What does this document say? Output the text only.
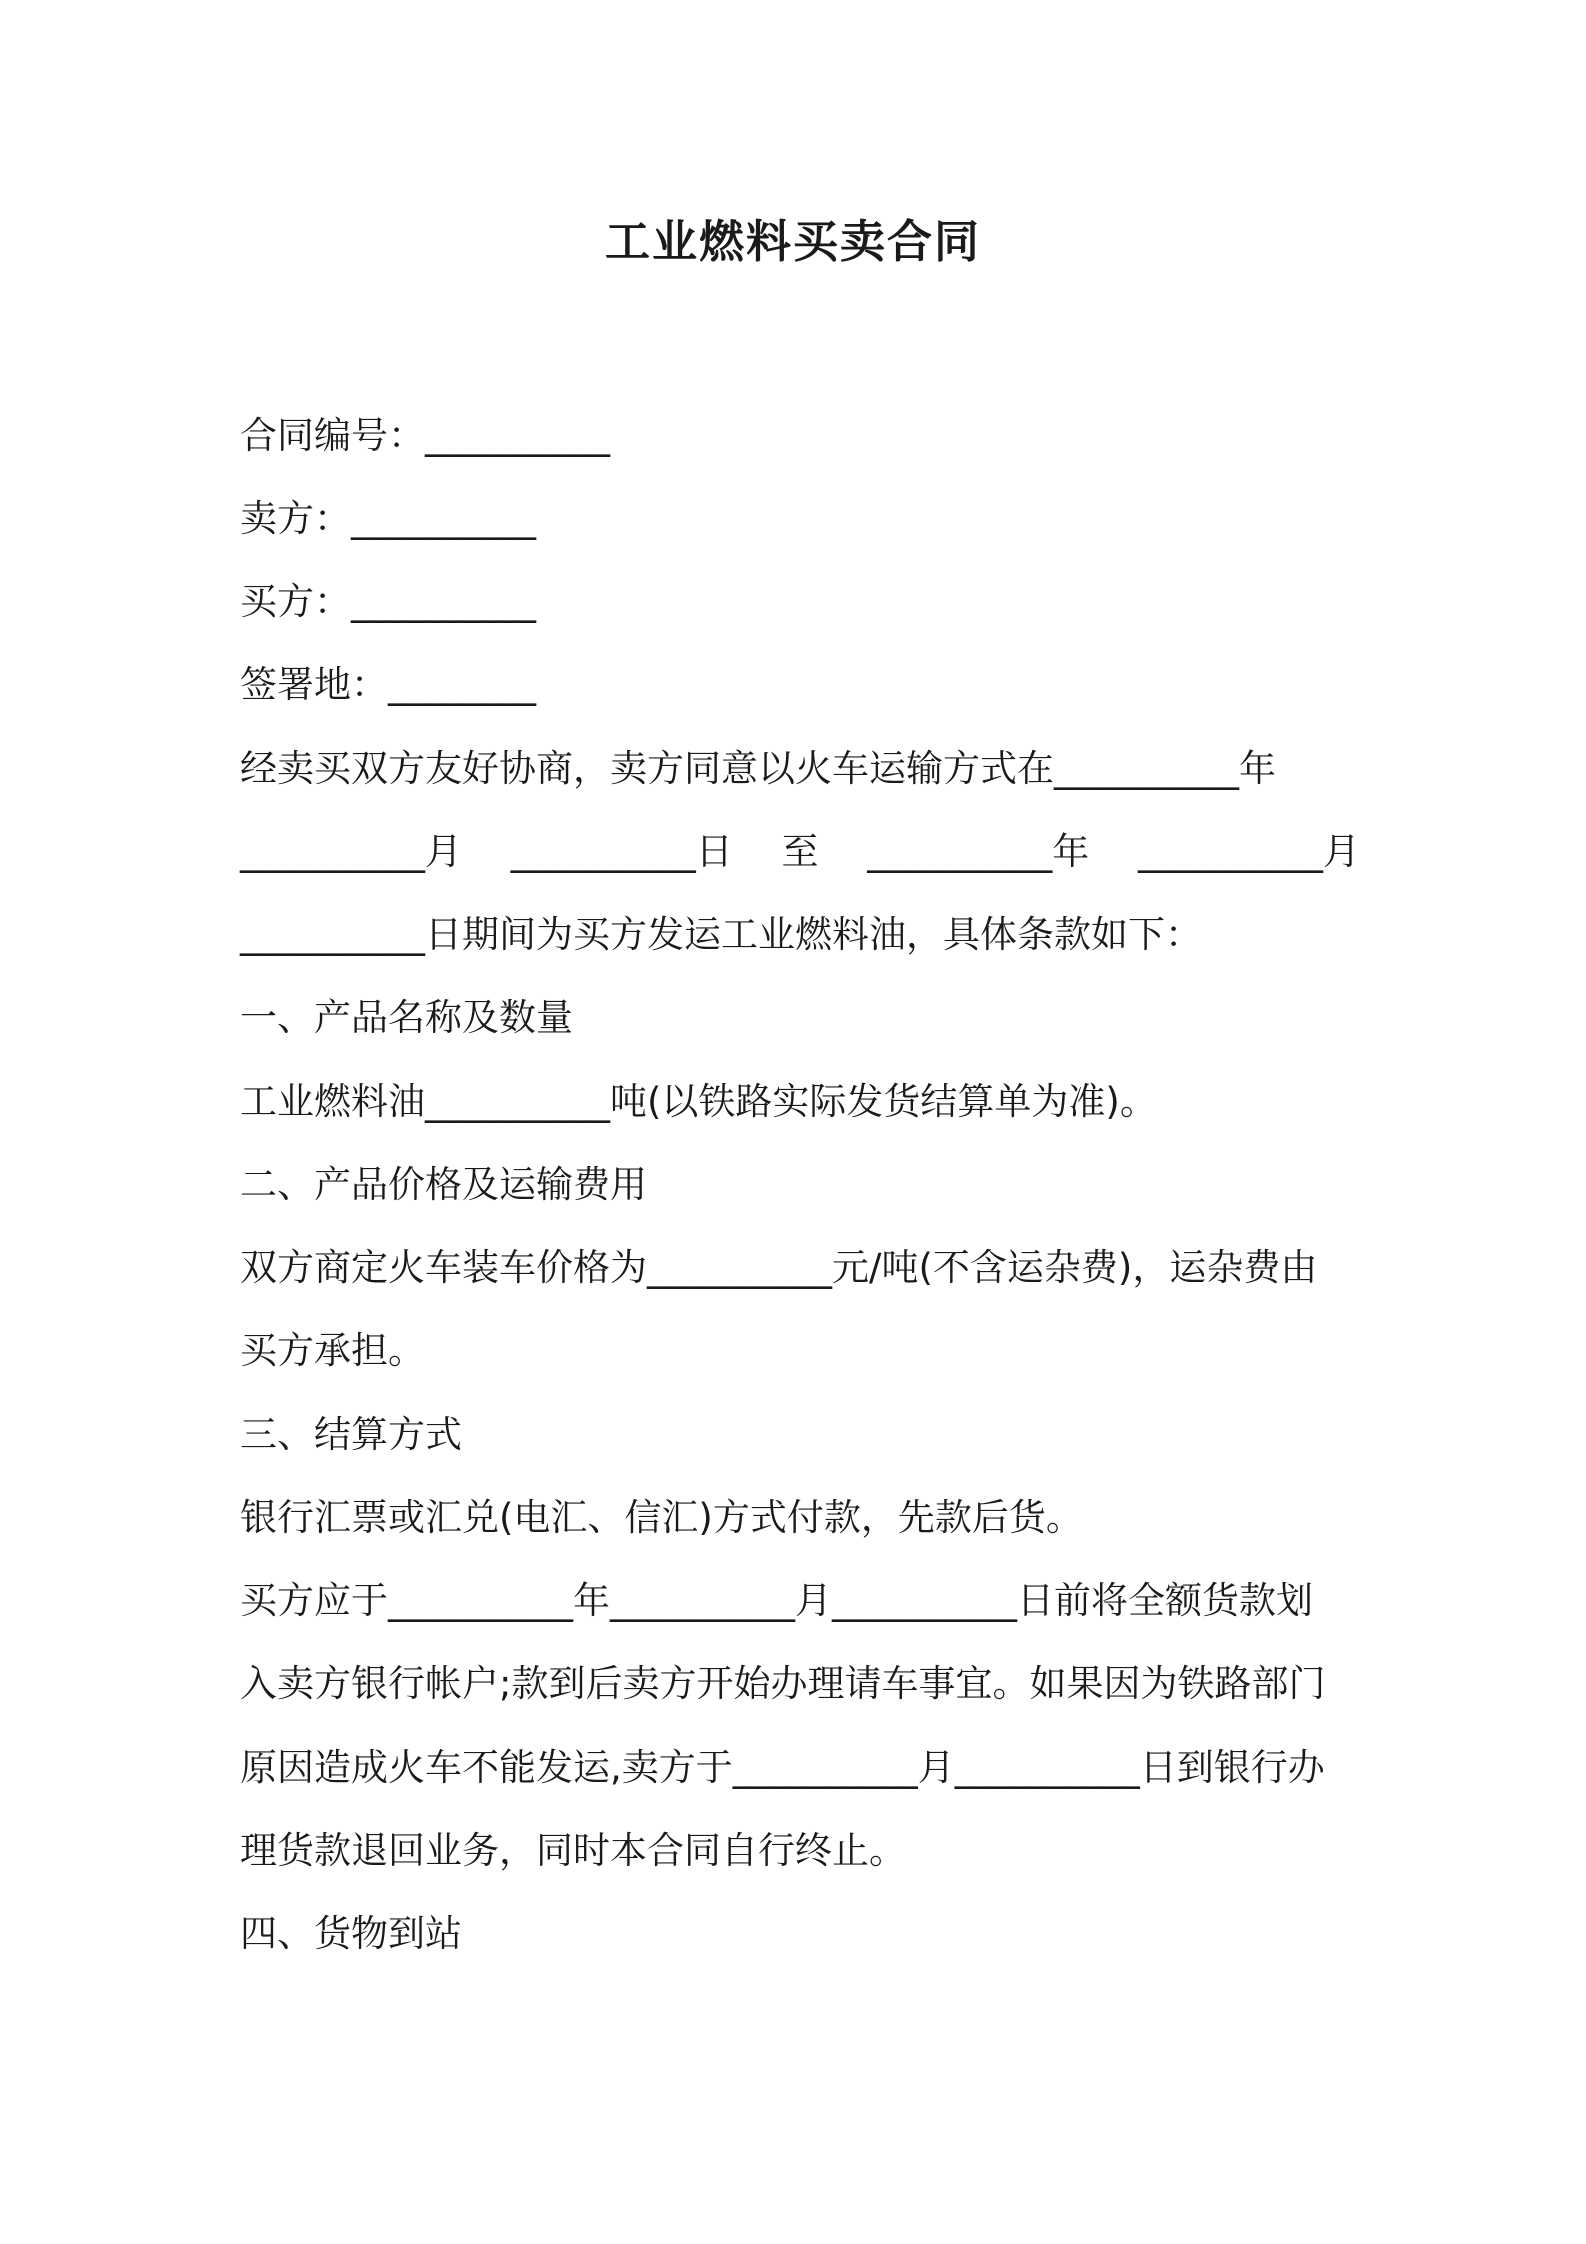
工业燃料买卖合同
合同编号：__________
卖方：__________
买方：__________
签署地：________
经卖买双方友好协商，卖方同意以火车运输方式在__________年
__________月 __________日 至 __________年 __________月
__________日期间为买方发运工业燃料油，具体条款如下：
一、产品名称及数量
工业燃料油__________吨(以铁路实际发货结算单为准)。
二、产品价格及运输费用
双方商定火车装车价格为__________元/吨(不含运杂费)，运杂费由
买方承担。
三、结算方式
银行汇票或汇兑(电汇、信汇)方式付款，先款后货。
买方应于__________年__________月__________日前将全额货款划
入卖方银行帐户;款到后卖方开始办理请车事宜。如果因为铁路部门
原因造成火车不能发运,卖方于__________月__________日到银行办
理货款退回业务，同时本合同自行终止。
四、货物到站
